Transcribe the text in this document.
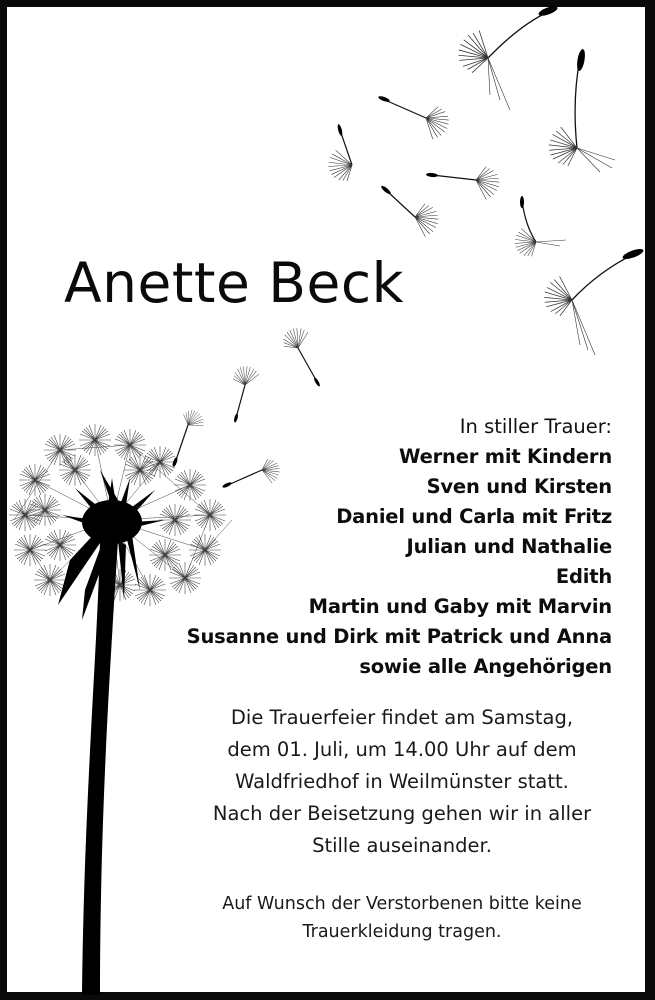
Anette Beck
In stiller Trauer:
Werner mit Kindern
Sven und Kirsten
Daniel und Carla mit Fritz
Julian und Nathalie
Edith
Martin und Gaby mit Marvin
Susanne und Dirk mit Patrick und Anna
sowie alle Angehörigen
Die Trauerfeier findet am Samstag,
dem 01. Juli, um 14.00 Uhr auf dem
Waldfriedhof in Weilmünster statt.
Nach der Beisetzung gehen wir in aller
Stille auseinander.
Auf Wunsch der Verstorbenen bitte keine
Trauerkleidung tragen.
